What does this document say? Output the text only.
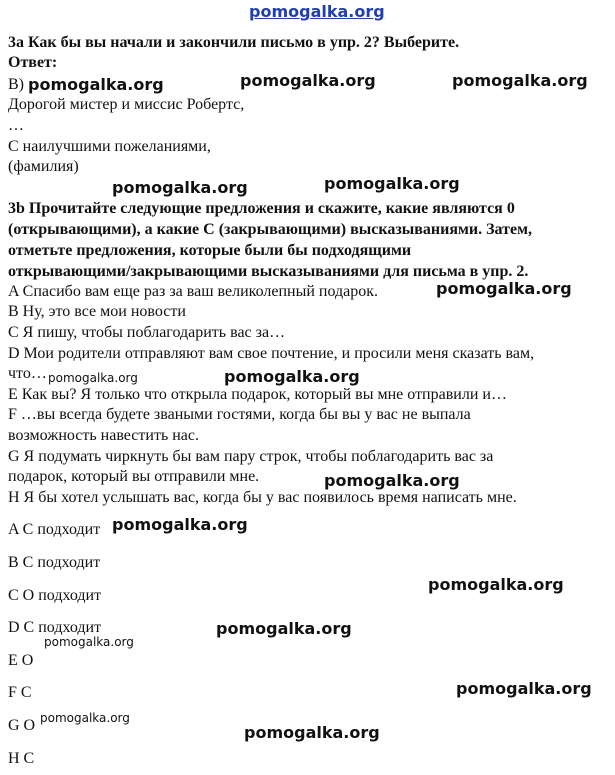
pomogalka.org
3a Как бы вы начали и закончили письмо в упр. 2? Выберите.
Ответ:
В)
Дорогой мистер и миссис Робертс,
…
С наилучшими пожеланиями,
(фамилия)
3b Прочитайте следующие предложения и скажите, какие являются 0
(открывающими), а какие С (закрывающими) высказываниями. Затем,
отметьте предложения, которые были бы подходящими
открывающими/закрывающими высказываниями для письма в упр. 2.
A Спасибо вам еще раз за ваш великолепный подарок.
B Ну, это все мои новости
C Я пишу, чтобы поблагодарить вас за…
D Мои родители отправляют вам свое почтение, и просили меня сказать вам,
что…
E Как вы? Я только что открыла подарок, который вы мне отправили и…
F …вы всегда будете зваными гостями, когда бы вы у вас не выпала
возможность навестить нас.
G Я подумать чиркнуть бы вам пару строк, чтобы поблагодарить вас за
подарок, который вы отправили мне.
H Я бы хотел услышать вас, когда бы у вас появилось время написать мне.
A C подходит
B C подходит
C O подходит
D C подходит
E O
F C
G O
H C
pomogalka.org	pomogalka.org	pomogalka.org
pomogalka.org	pomogalka.org
pomogalka.org
pomogalka.org	pomogalka.org
pomogalka.org
pomogalka.org
pomogalka.org
pomogalka.org
pomogalka.org
pomogalka.org
pomogalka.org
pomogalka.org
